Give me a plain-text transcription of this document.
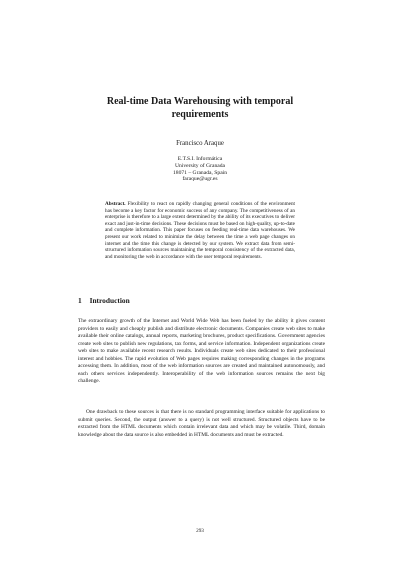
Real-time Data Warehousing with temporal requirements
Francisco Araque
E.T.S.I. Informática
University of Granada
18071 – Granada, Spain
faraque@ugr.es
Abstract. Flexibility to react on rapidly changing general conditions of the environment has become a key factor for economic success of any company. The competitiveness of an enterprise is therefore to a large extent determined by the ability of its executives to deliver exact and just-in-time decisions. These decisions must be based on high-quality, up-to-date and complete information. This paper focuses on feeding real-time data warehouses. We present our work related to minimize the delay between the time a web page changes on internet and the time this change is detected by our system. We extract data from semi-structured information sources maintaining the temporal consistency of the extracted data, and monitoring the web in accordance with the user temporal requirements.
1 Introduction
The extraordinary growth of the Internet and World Wide Web has been fueled by the ability it gives content providers to easily and cheaply publish and distribute electronic documents. Companies create web sites to make available their online catalogs, annual reports, marketing brochures, product specifications. Government agencies create web sites to publish new regulations, tax forms, and service information. Independent organizations create web sites to make available recent research results. Individuals create web sites dedicated to their professional interest and hobbies. The rapid evolution of Web pages requires making corresponding changes in the programs accessing them. In addition, most of the web information sources are created and maintained autonomously, and each others services independently. Interoperability of the web information sources remains the next big challenge.
One drawback to these sources is that there is no standard programming interface suitable for applications to submit queries. Second, the output (answer to a query) is not well structured. Structured objects have to be extracted from the HTML documents which contain irrelevant data and which may be volatile. Third, domain knowledge about the data source is also embedded in HTML documents and must be extracted.
293
